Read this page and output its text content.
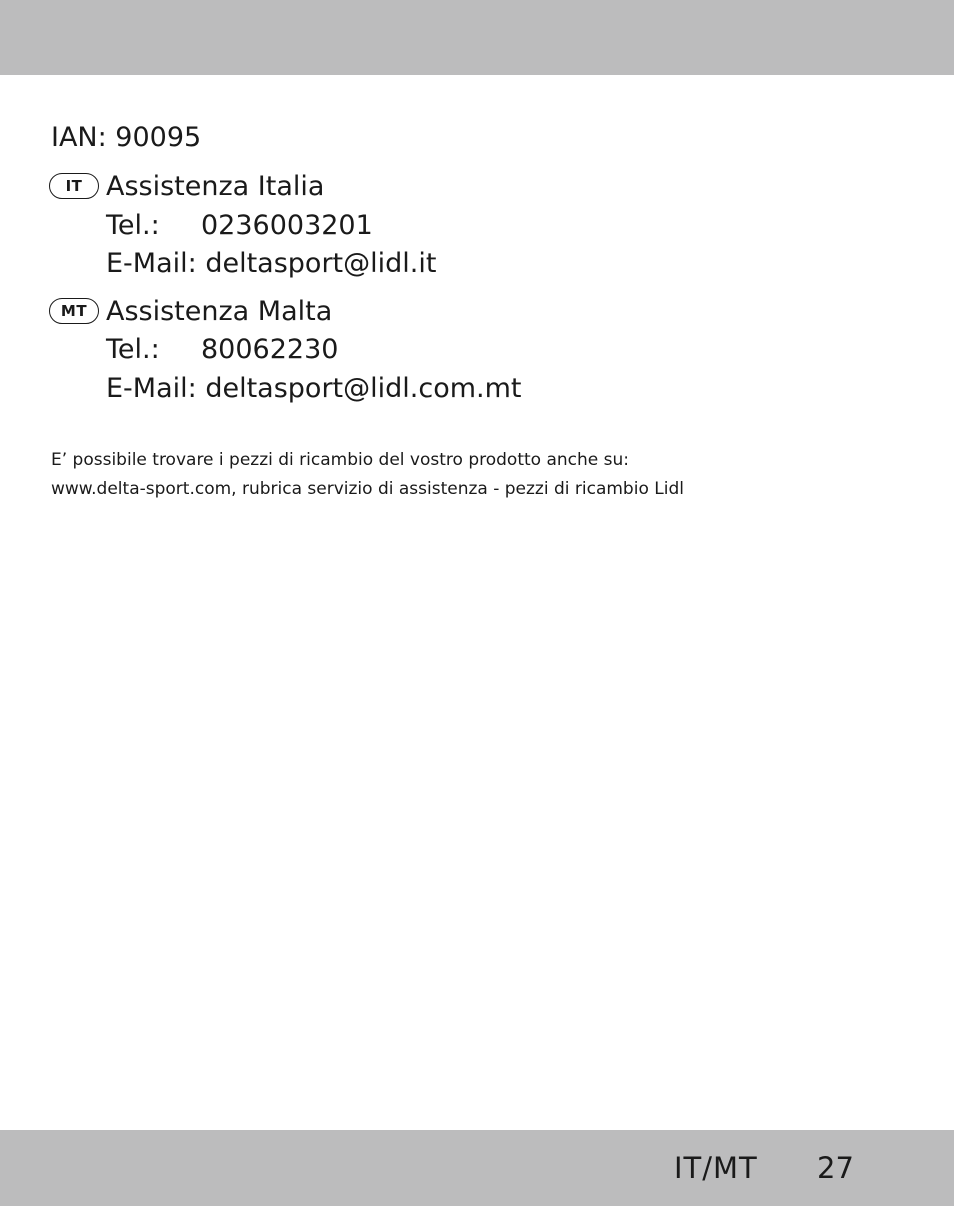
IAN: 90095
IT Assistenza Italia
Tel.: 0236003201
E-Mail: deltasport@lidl.it
MT Assistenza Malta
Tel.: 80062230
E-Mail: deltasport@lidl.com.mt
E’ possibile trovare i pezzi di ricambio del vostro prodotto anche su:
www.delta-sport.com, rubrica servizio di assistenza - pezzi di ricambio Lidl
IT/MT 27
